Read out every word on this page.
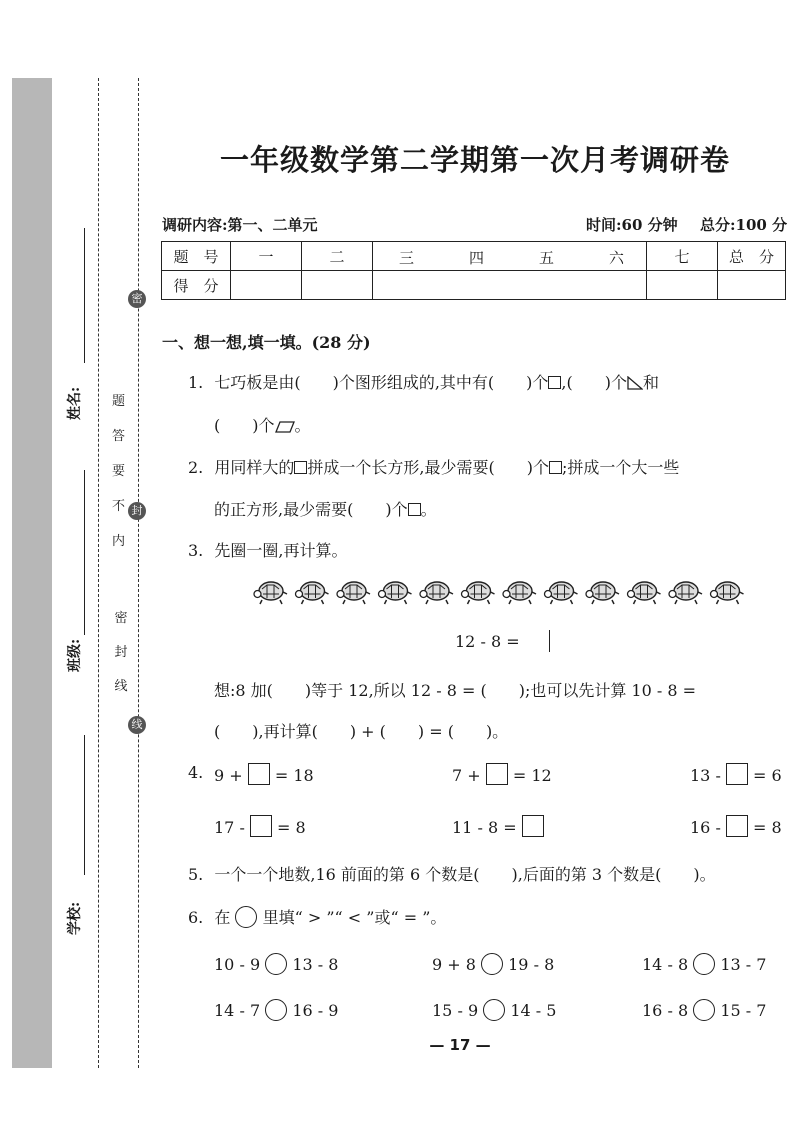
姓名:
班级:
学校:
密
封
线
题
答
要
不
内
密
封
线
一年级数学第二学期第一次月考调研卷
调研内容:第一、二单元	时间:60 分钟 总分:100 分
题　号	一	二	三 四 五 六	七	总　分
得　分					
一、想一想,填一填。(28 分)
1. 七巧板是由(　　)个图形组成的,其中有(　　)个 ,(　　)个 和
(　　)个 。
2. 用同样大的 拼成一个长方形,最少需要(　　)个 ;拼成一个大一些
的正方形,最少需要(　　)个 。
3. 先圈一圈,再计算。
12 - 8 =
想:8 加(　　)等于 12,所以 12 - 8 = (　　);也可以先计算 10 - 8 =
(　　),再计算(　　) + (　　) = (　　)。
4. 9 + = 18	7 + = 12	13 - = 6
17 - = 8	11 - 8 =	16 - = 8
5. 一个一个地数,16 前面的第 6 个数是(　　),后面的第 3 个数是(　　)。
6. 在 里填“ > ”“ < ”或“ = ”。
10 - 9 13 - 8	9 + 8 19 - 8	14 - 8 13 - 7
14 - 7 16 - 9	15 - 9 14 - 5	16 - 8 15 - 7
— 17 —
